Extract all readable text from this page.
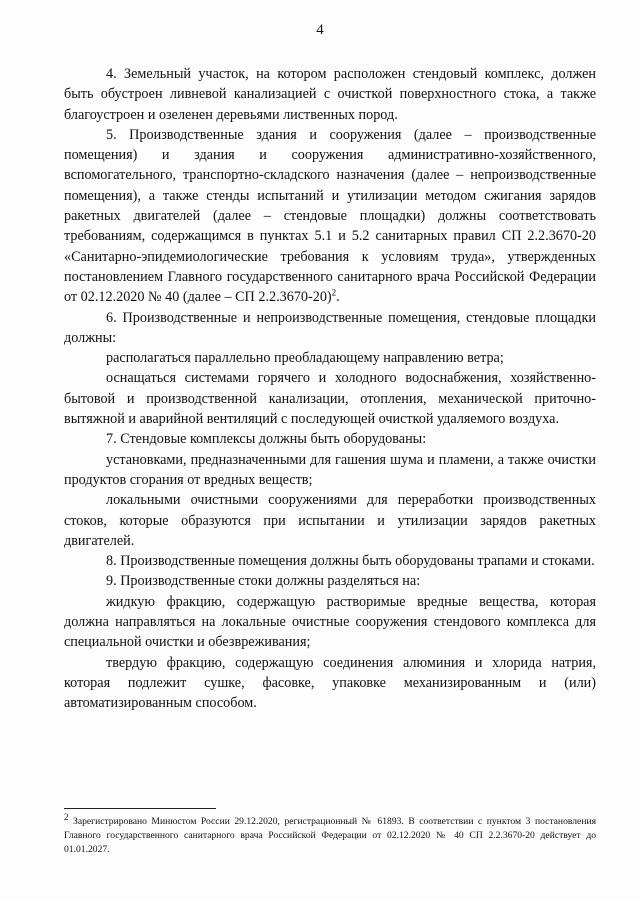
4

4. Земельный участок, на котором расположен стендовый комплекс, должен быть обустроен ливневой канализацией с очисткой поверхностного стока, а также благоустроен и озеленен деревьями лиственных пород.

5. Производственные здания и сооружения (далее – производственные помещения) и здания и сооружения административно-хозяйственного, вспомогательного, транспортно-складского назначения (далее – непроизводственные помещения), а также стенды испытаний и утилизации методом сжигания зарядов ракетных двигателей (далее – стендовые площадки) должны соответствовать требованиям, содержащимся в пунктах 5.1 и 5.2 санитарных правил СП 2.2.3670-20 «Санитарно-эпидемиологические требования к условиям труда», утвержденных постановлением Главного государственного санитарного врача Российской Федерации от 02.12.2020 № 40 (далее – СП 2.2.3670-20)$^2$.

6. Производственные и непроизводственные помещения, стендовые площадки должны:

располагаться параллельно преобладающему направлению ветра;

оснащаться системами горячего и холодного водоснабжения, хозяйственно-бытовой и производственной канализации, отопления, механической приточно-вытяжной и аварийной вентиляций с последующей очисткой удаляемого воздуха.

7. Стендовые комплексы должны быть оборудованы:

установками, предназначенными для гашения шума и пламени, а также очистки продуктов сгорания от вредных веществ;

локальными очистными сооружениями для переработки производственных стоков, которые образуются при испытании и утилизации зарядов ракетных двигателей.

8. Производственные помещения должны быть оборудованы трапами и стоками.

9. Производственные стоки должны разделяться на:

жидкую фракцию, содержащую растворимые вредные вещества, которая должна направляться на локальные очистные сооружения стендового комплекса для специальной очистки и обезвреживания;

твердую фракцию, содержащую соединения алюминия и хлорида натрия, которая подлежит сушке, фасовке, упаковке механизированным и (или) автоматизированным способом.

$^2$ Зарегистрировано Минюстом России 29.12.2020, регистрационный № 61893. В соответствии с пунктом 3 постановления Главного государственного санитарного врача Российской Федерации от 02.12.2020 № 40 СП 2.2.3670-20 действует до 01.01.2027.
